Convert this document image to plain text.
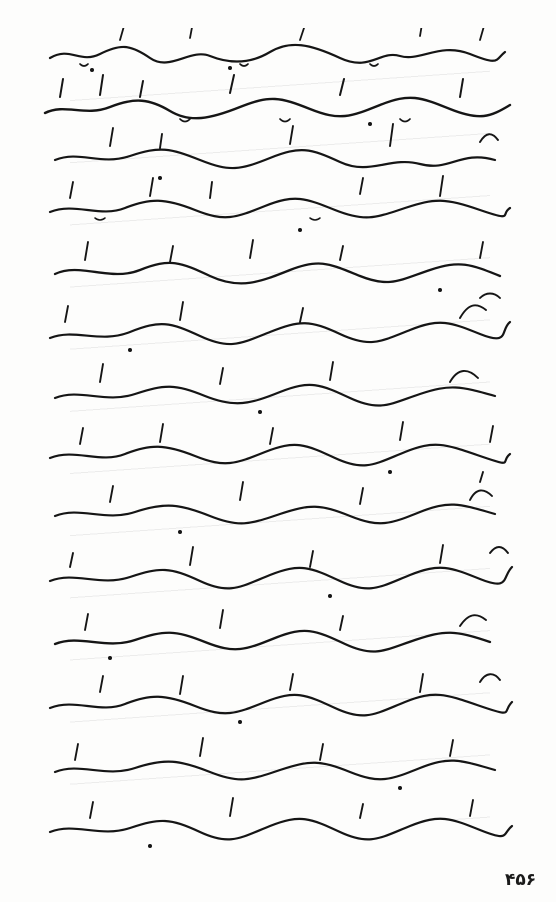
۴۵۶
